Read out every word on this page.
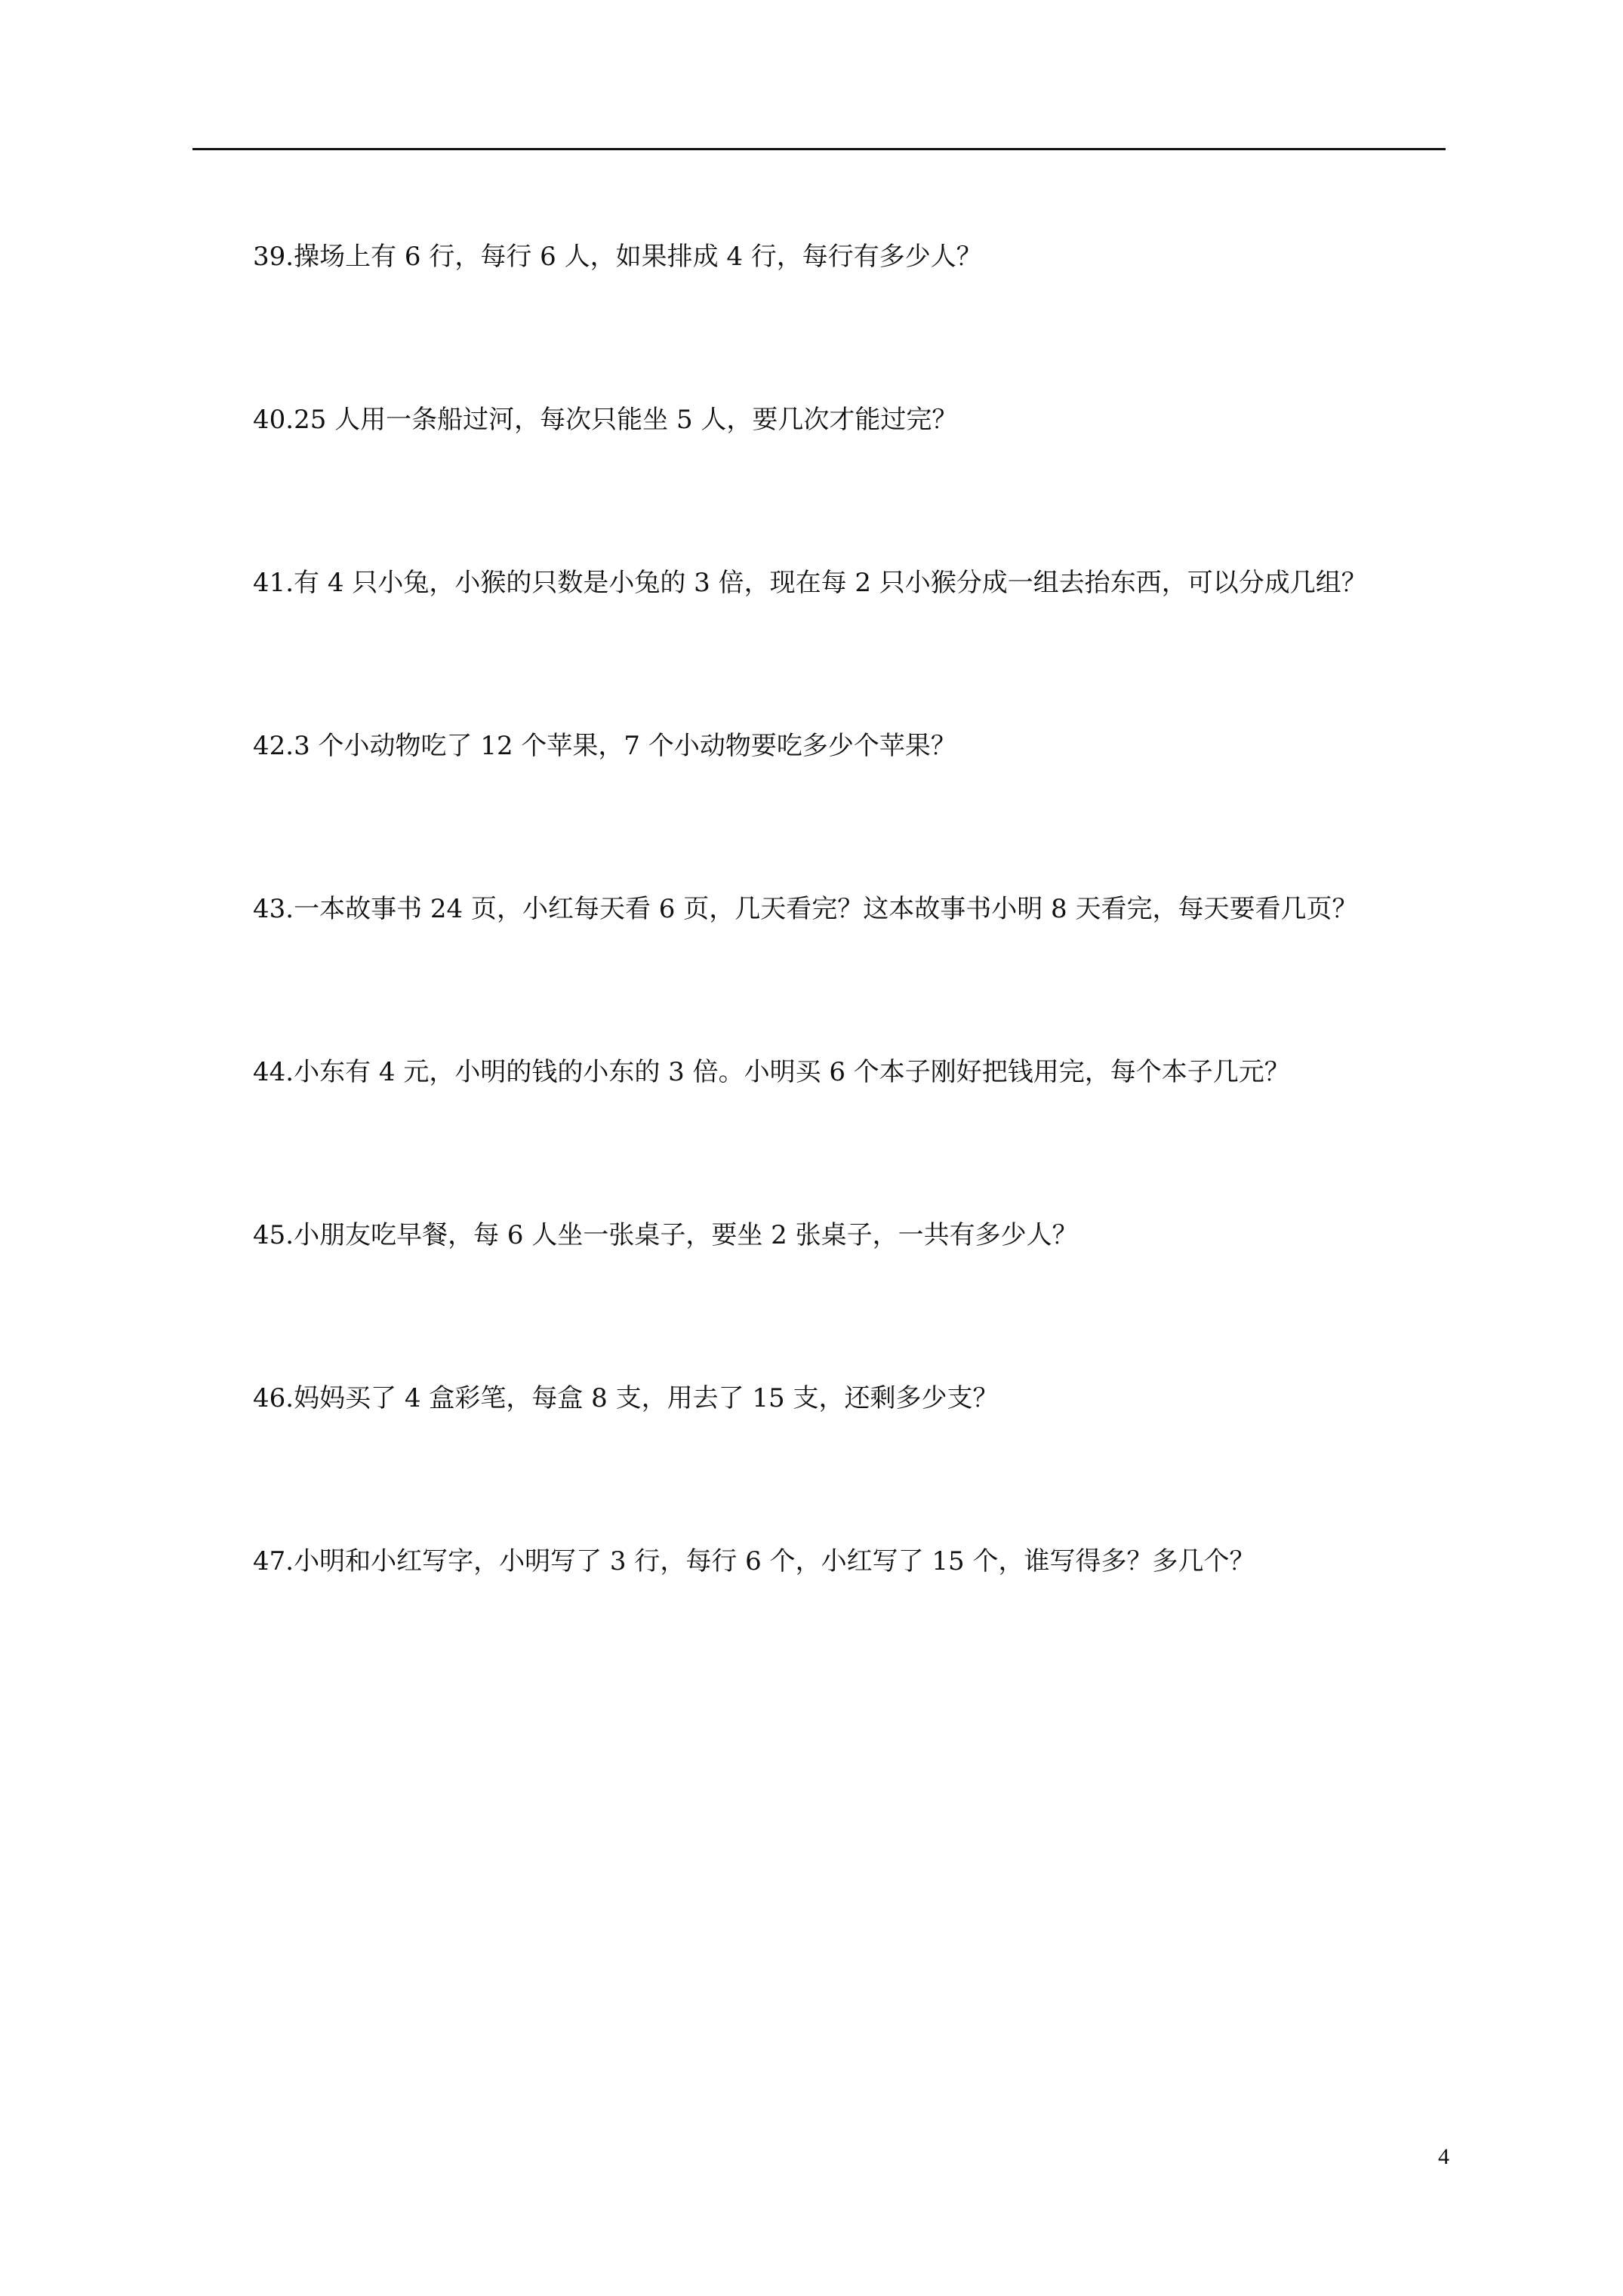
39.操场上有 6 行，每行 6 人，如果排成 4 行，每行有多少人？
40.25 人用一条船过河，每次只能坐 5 人，要几次才能过完？
41.有 4 只小兔，小猴的只数是小兔的 3 倍，现在每 2 只小猴分成一组去抬东西，可以分成几组？
42.3 个小动物吃了 12 个苹果，7 个小动物要吃多少个苹果？
43.一本故事书 24 页，小红每天看 6 页，几天看完？这本故事书小明 8 天看完，每天要看几页？
44.小东有 4 元，小明的钱的小东的 3 倍。小明买 6 个本子刚好把钱用完，每个本子几元？
45.小朋友吃早餐，每 6 人坐一张桌子，要坐 2 张桌子，一共有多少人？
46.妈妈买了 4 盒彩笔，每盒 8 支，用去了 15 支，还剩多少支？
47.小明和小红写字，小明写了 3 行，每行 6 个，小红写了 15 个，谁写得多？多几个？
4
